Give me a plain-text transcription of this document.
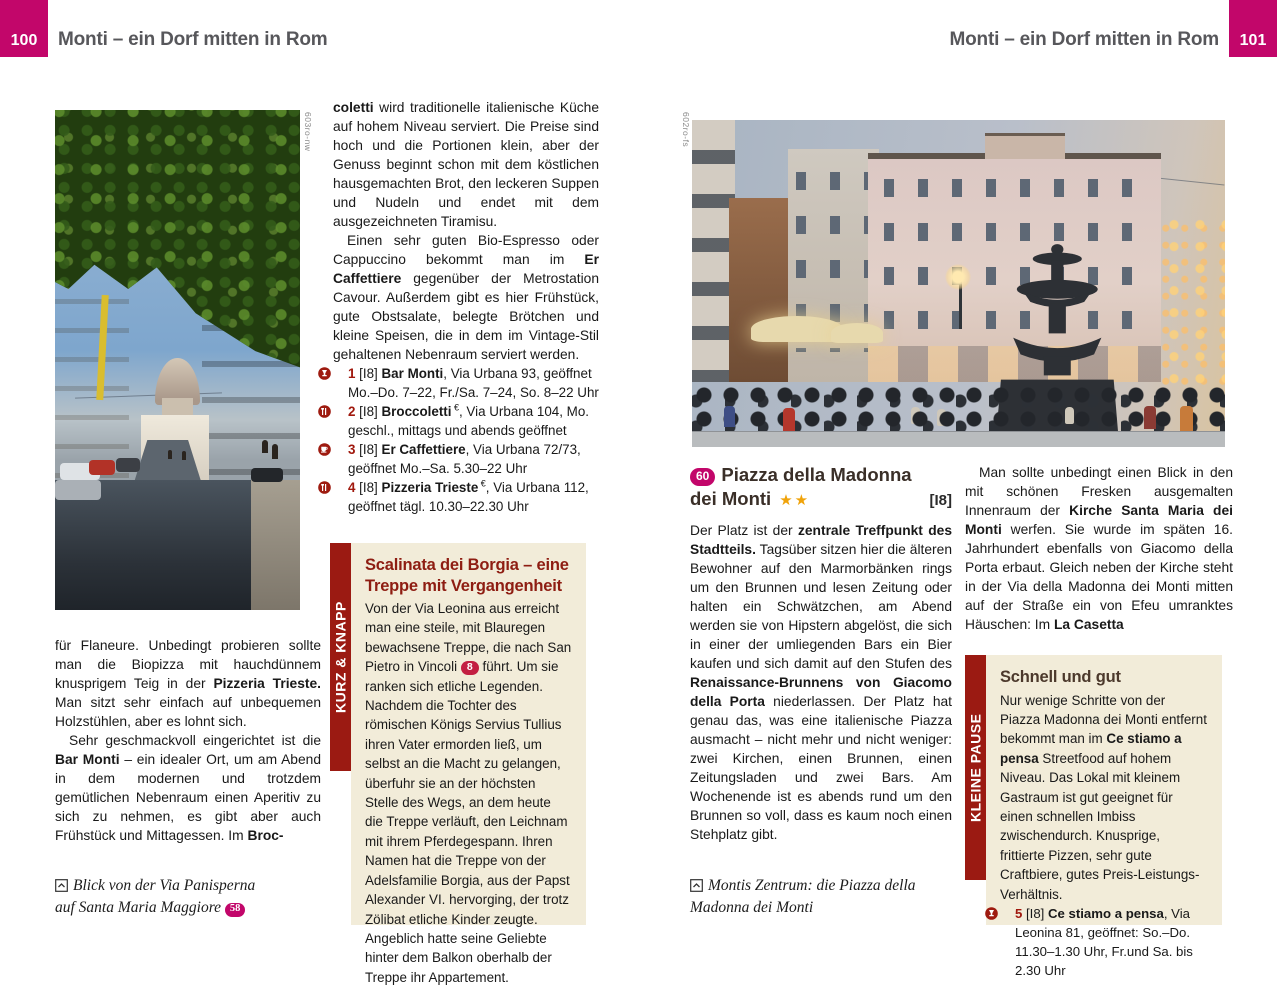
100 Monti – ein Dorf mitten in Rom	Monti – ein Dorf mitten in Rom 101
603ro-nw

für Flaneure. Unbedingt probieren sollte man die Biopizza mit hauchdünnem knusprigem Teig in der Pizzeria Trieste. Man sitzt sehr einfach auf unbequemen Holzstühlen, aber es lohnt sich.

Sehr geschmackvoll eingerichtet ist die Bar Monti – ein idealer Ort, um am Abend in dem modernen und trotzdem gemütlichen Nebenraum einen Aperitiv zu sich zu nehmen, es gibt aber auch Frühstück und Mittagessen. Im Broc-

Blick von der Via Panisperna auf Santa Maria Maggiore 58

coletti wird traditionelle italienische Küche auf hohem Niveau serviert. Die Preise sind hoch und die Portionen klein, aber der Genuss beginnt schon mit dem köstlichen hausgemachten Brot, den leckeren Suppen und Nudeln und endet mit dem ausgezeichneten Tiramisu.

Einen sehr guten Bio-Espresso oder Cappuccino bekommt man im Er Caffettiere gegenüber der Metrostation Cavour. Außerdem gibt es hier Frühstück, gute Obstsalate, belegte Brötchen und kleine Speisen, die in dem im Vintage-Stil gehaltenen Nebenraum serviert werden.

1 [I8] Bar Monti, Via Urbana 93, geöffnet Mo.–Do. 7–22, Fr./Sa. 7–24, So. 8–22 Uhr
2 [I8] Broccoletti €, Via Urbana 104, Mo. geschl., mittags und abends geöffnet
3 [I8] Er Caffettiere, Via Urbana 72/73, geöffnet Mo.–Sa. 5.30–22 Uhr
4 [I8] Pizzeria Trieste €, Via Urbana 112, geöffnet tägl. 10.30–22.30 Uhr
KURZ & KNAPP
Scalinata dei Borgia – eine Treppe mit Vergangenheit

Von der Via Leonina aus erreicht man eine steile, mit Blauregen bewachsene Treppe, die nach San Pietro in Vincoli 8 führt. Um sie ranken sich etliche Legenden. Nachdem die Tochter des römischen Königs Servius Tullius ihren Vater ermorden ließ, um selbst an die Macht zu gelangen, überfuhr sie an der höchsten Stelle des Wegs, an dem heute die Treppe verläuft, den Leichnam mit ihrem Pferdegespann. Ihren Namen hat die Treppe von der Adelsfamilie Borgia, aus der Papst Alexander VI. hervorging, der trotz Zölibat etliche Kinder zeugte. Angeblich hatte seine Geliebte hinter dem Balkon oberhalb der Treppe ihr Appartement.

602ro-fs
60 Piazza della Madonna
dei Monti ★★	[I8]

Der Platz ist der zentrale Treffpunkt des Stadtteils. Tagsüber sitzen hier die älteren Bewohner auf den Marmorbänken rings um den Brunnen und lesen Zeitung oder halten ein Schwätzchen, am Abend werden sie von Hipstern abgelöst, die sich in einer der umliegenden Bars ein Bier kaufen und sich damit auf den Stufen des Renaissance-Brunnens von Giacomo della Porta niederlassen. Der Platz hat genau das, was eine italienische Piazza ausmacht – nicht mehr und nicht weniger: zwei Kirchen, einen Brunnen, einen Zeitungsladen und zwei Bars. Am Wochenende ist es abends rund um den Brunnen so voll, dass es kaum noch einen Stehplatz gibt.

Montis Zentrum: die Piazza della Madonna dei Monti

Man sollte unbedingt einen Blick in den mit schönen Fresken ausgemalten Innenraum der Kirche Santa Maria dei Monti werfen. Sie wurde im späten 16. Jahrhundert ebenfalls von Giacomo della Porta erbaut. Gleich neben der Kirche steht in der Via della Madonna dei Monti mitten auf der Straße ein von Efeu umranktes Häuschen: Im La Casetta

KLEINE PAUSE
Schnell und gut

Nur wenige Schritte von der Piazza Madonna dei Monti entfernt bekommt man im Ce stiamo a pensa Streetfood auf hohem Niveau. Das Lokal mit kleinem Gastraum ist gut geeignet für einen schnellen Imbiss zwischendurch. Knusprige, frittierte Pizzen, sehr gute Craftbiere, gutes Preis-Leistungs-Verhältnis.

5 [I8] Ce stiamo a pensa, Via Leonina 81, geöffnet: So.–Do. 11.30–1.30 Uhr, Fr.und Sa. bis 2.30 Uhr
